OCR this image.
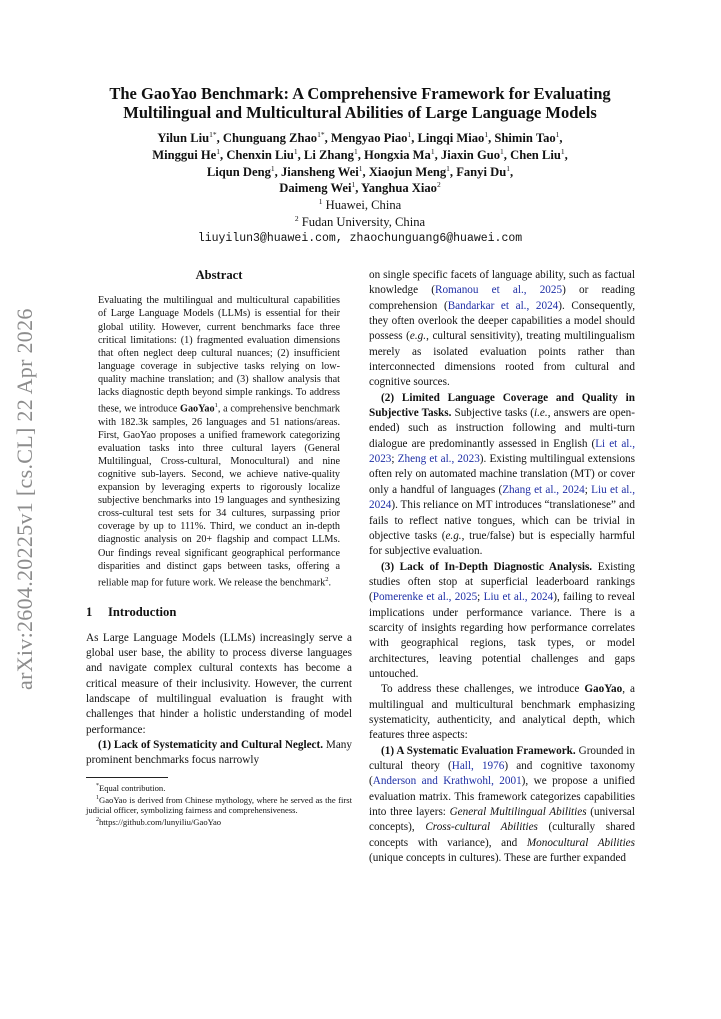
arXiv:2604.20225v1 [cs.CL] 22 Apr 2026
The GaoYao Benchmark: A Comprehensive Framework for Evaluating
Multilingual and Multicultural Abilities of Large Language Models
Yilun Liu$^{1*}$, Chunguang Zhao$^{1*}$, Mengyao Piao$^1$, Lingqi Miao$^1$, Shimin Tao$^1$,
Minggui He$^1$, Chenxin Liu$^1$, Li Zhang$^1$, Hongxia Ma$^1$, Jiaxin Guo$^1$, Chen Liu$^1$,
Liqun Deng$^1$, Jiansheng Wei$^1$, Xiaojun Meng$^1$, Fanyi Du$^1$,
Daimeng Wei$^1$, Yanghua Xiao$^2$
$^1$ Huawei, China
$^2$ Fudan University, China
liuyilun3@huawei.com, zhaochunguang6@huawei.com
Abstract
Evaluating the multilingual and multicultural capabilities of Large Language Models (LLMs) is essential for their global utility. However, current benchmarks face three critical limitations: (1) fragmented evaluation dimensions that often neglect deep cultural nuances; (2) insufficient language coverage in subjective tasks relying on low-quality machine translation; and (3) shallow analysis that lacks diagnostic depth beyond simple rankings. To address these, we introduce GaoYao$^1$, a comprehensive benchmark with 182.3k samples, 26 languages and 51 nations/areas. First, GaoYao proposes a unified framework categorizing evaluation tasks into three cultural layers (General Multilingual, Cross-cultural, Monocultural) and nine cognitive sub-layers. Second, we achieve native-quality expansion by leveraging experts to rigorously localize subjective benchmarks into 19 languages and synthesizing cross-cultural test sets for 34 cultures, surpassing prior coverage by up to 111%. Third, we conduct an in-depth diagnostic analysis on 20+ flagship and compact LLMs. Our findings reveal significant geographical performance disparities and distinct gaps between tasks, offering a reliable map for future work. We release the benchmark$^2$.
1 Introduction

As Large Language Models (LLMs) increasingly serve a global user base, the ability to process diverse languages and navigate complex cultural contexts has become a critical measure of their inclusivity. However, the current landscape of multilingual evaluation is fraught with challenges that hinder a holistic understanding of model performance:

(1) Lack of Systematicity and Cultural Neglect. Many prominent benchmarks focus narrowly

*Equal contribution.
$^1$GaoYao is derived from Chinese mythology, where he served as the first judicial officer, symbolizing fairness and comprehensiveness.
$^2$https://github.com/lunyiliu/GaoYao

on single specific facets of language ability, such as factual knowledge (Romanou et al., 2025) or reading comprehension (Bandarkar et al., 2024). Consequently, they often overlook the deeper capabilities a model should possess (e.g., cultural sensitivity), treating multilingualism merely as isolated evaluation points rather than interconnected dimensions rooted from cultural and cognitive sources.

(2) Limited Language Coverage and Quality in Subjective Tasks. Subjective tasks (i.e., answers are open-ended) such as instruction following and multi-turn dialogue are predominantly assessed in English (Li et al., 2023; Zheng et al., 2023). Existing multilingual extensions often rely on automated machine translation (MT) or cover only a handful of languages (Zhang et al., 2024; Liu et al., 2024). This reliance on MT introduces “translationese” and fails to reflect native tongues, which can be trivial in objective tasks (e.g., true/false) but is especially harmful for subjective evaluation.

(3) Lack of In-Depth Diagnostic Analysis. Existing studies often stop at superficial leaderboard rankings (Pomerenke et al., 2025; Liu et al., 2024), failing to reveal implications under performance variance. There is a scarcity of insights regarding how performance correlates with geographical regions, task types, or model architectures, leaving potential challenges and gaps untouched.

To address these challenges, we introduce GaoYao, a multilingual and multicultural benchmark emphasizing systematicity, authenticity, and analytical depth, which features three aspects:

(1) A Systematic Evaluation Framework. Grounded in cultural theory (Hall, 1976) and cognitive taxonomy (Anderson and Krathwohl, 2001), we propose a unified evaluation matrix. This framework categorizes capabilities into three layers: General Multilingual Abilities (universal concepts), Cross-cultural Abilities (culturally shared concepts with variance), and Monocultural Abilities (unique concepts in cultures). These are further expanded
